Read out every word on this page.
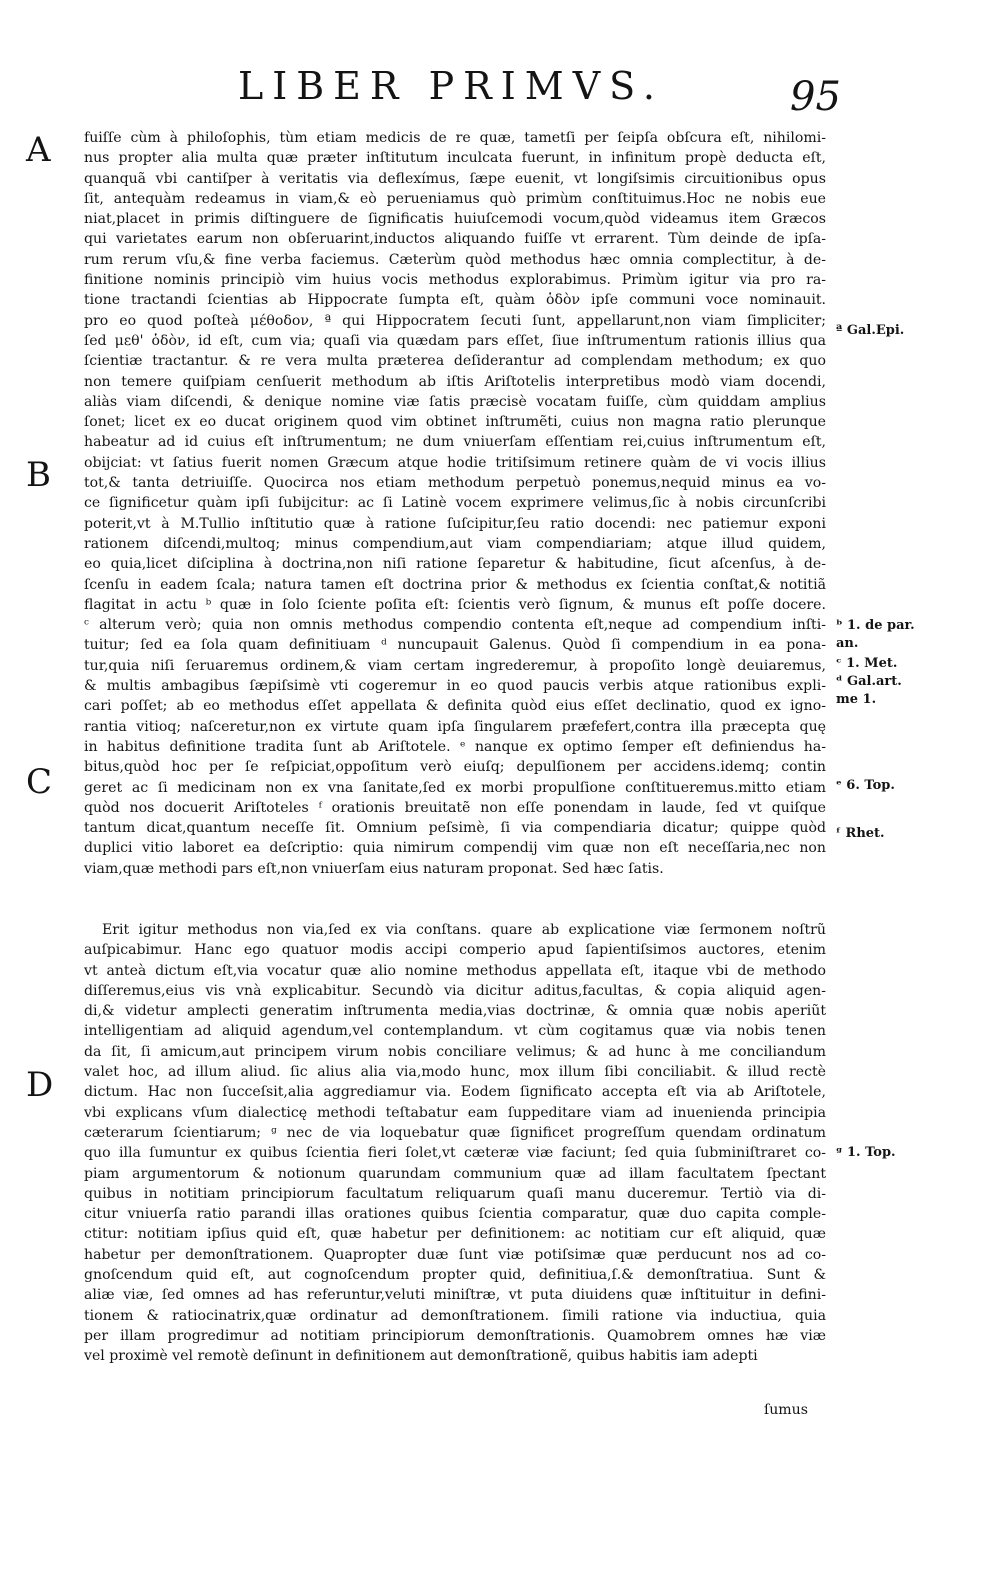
LIBER PRIMVS.	95
A
B
C
D
fuiſſe cùm à philoſophis, tùm etiam medicis de re quæ, tametſi per ſeipſa obſcura eſt, nihilomi-
nus propter alia multa quæ præter inſtitutum inculcata fuerunt, in infinitum propè deducta eſt,
quanquã vbi cantiſper à veritatis via deflexímus, ſæpe euenit, vt longiſsimis circuitionibus opus
ſit, antequàm redeamus in viam,& eò perueniamus quò primùm conſtituimus.Hoc ne nobis eue
niat,placet in primis diſtinguere de ſignificatis huiuſcemodi vocum,quòd videamus item Græcos
qui varietates earum non obſeruarint,inductos aliquando fuiſſe vt errarent. Tùm deinde de ipſa-
rum rerum vſu,& fine verba faciemus. Cæterùm quòd methodus hæc omnia complectitur, à de-
finitione nominis principiò vim huius vocis methodus explorabimus. Primùm igitur via pro ra-
tione tractandi ſcientias ab Hippocrate ſumpta eſt, quàm ὁδὸν ipſe communi voce nominauit.
pro eo quod poſteà μέθοδον, ª qui Hippocratem ſecuti ſunt, appellarunt,non viam ſimpliciter;
ſed μεθ' ὁδὸν, id eſt, cum via; quaſi via quædam pars eſſet, ſiue inſtrumentum rationis illius qua
ſcientiæ tractantur. & re vera multa præterea deſiderantur ad complendam methodum; ex quo
non temere quiſpiam cenſuerit methodum ab iſtis Ariſtotelis interpretibus modò viam docendi,
aliàs viam diſcendi, & denique nomine viæ ſatis præcisè vocatam fuiſſe, cùm quiddam amplius
ſonet; licet ex eo ducat originem quod vim obtinet inſtrumẽti, cuius non magna ratio plerunque
habeatur ad id cuius eſt inſtrumentum; ne dum vniuerſam eſſentiam rei,cuius inſtrumentum eſt,
obijciat: vt ſatius fuerit nomen Græcum atque hodie tritiſsimum retinere quàm de vi vocis illius
tot,& tanta detriuiſſe. Quocirca nos etiam methodum perpetuò ponemus,nequid minus ea vo-
ce ſignificetur quàm ipſi ſubijcitur: ac ſi Latinè vocem exprimere velimus,ſic à nobis circunſcribi
poterit,vt à M.Tullio inſtitutio quæ à ratione ſuſcipitur,ſeu ratio docendi: nec patiemur exponi
rationem diſcendi,multoq; minus compendium,aut viam compendiariam; atque illud quidem,
eo quia,licet diſciplina à doctrina,non niſi ratione ſeparetur & habitudine, ſicut aſcenſus, à de-
ſcenſu in eadem ſcala; natura tamen eſt doctrina prior & methodus ex ſcientia conſtat,& notitiã
flagitat in actu ᵇ quæ in ſolo ſciente poſita eſt: ſcientis verò ſignum, & munus eſt poſſe docere.
ᶜ alterum verò; quia non omnis methodus compendio contenta eſt,neque ad compendium inſti-
tuitur; ſed ea ſola quam definitiuam ᵈ nuncupauit Galenus. Quòd ſi compendium in ea pona-
tur,quia niſi ſeruaremus ordinem,& viam certam ingrederemur, à propoſito longè deuiaremus,
& multis ambagibus ſæpiſsimè vti cogeremur in eo quod paucis verbis atque rationibus expli-
cari poſſet; ab eo methodus eſſet appellata & definita quòd eius eſſet declinatio, quod ex igno-
rantia vitioq; naſceretur,non ex virtute quam ipſa ſingularem præfefert,contra illa præcepta quę
in habitus definitione tradita ſunt ab Ariſtotele. ᵉ nanque ex optimo ſemper eſt definiendus ha-
bitus,quòd hoc per ſe reſpiciat,oppoſitum verò eiuſq; depulſionem per accidens.idemq; contin
geret ac ſi medicinam non ex vna ſanitate,ſed ex morbi propulſione conſtitueremus.mitto etiam
quòd nos docuerit Ariſtoteles ᶠ orationis breuitatẽ non eſſe ponendam in laude, ſed vt quiſque
tantum dicat,quantum neceſſe ſit. Omnium peſsimè, ſi via compendiaria dicatur; quippe quòd
duplici vitio laboret ea deſcriptio: quia nimirum compendij vim quæ non eſt neceſſaria,nec non
viam,quæ methodi pars eſt,non vniuerſam eius naturam proponat. Sed hæc ſatis.
Erit igitur methodus non via,ſed ex via conſtans. quare ab explicatione viæ ſermonem noſtrũ
auſpicabimur. Hanc ego quatuor modis accipi comperio apud ſapientiſsimos auctores, etenim
vt anteà dictum eſt,via vocatur quæ alio nomine methodus appellata eſt, itaque vbi de methodo
diſſeremus,eius vis vnà explicabitur. Secundò via dicitur aditus,facultas, & copia aliquid agen-
di,& videtur amplecti generatim inſtrumenta media,vias doctrinæ, & omnia quæ nobis aperiũt
intelligentiam ad aliquid agendum,vel contemplandum. vt cùm cogitamus quæ via nobis tenen
da ſit, ſi amicum,aut principem virum nobis conciliare velimus; & ad hunc à me conciliandum
valet hoc, ad illum aliud. ſic alius alia via,modo hunc, mox illum ſibi conciliabit. & illud rectè
dictum. Hac non ſucceſsit,alia aggrediamur via. Eodem ſignificato accepta eſt via ab Ariſtotele,
vbi explicans vſum dialecticę methodi teſtabatur eam ſuppeditare viam ad inueniendа principia
cæterarum ſcientiarum; ᵍ nec de via loquebatur quæ ſignificet progreſſum quendam ordinatum
quo illa ſumuntur ex quibus ſcientia fieri ſolet,vt cæteræ viæ faciunt; ſed quia ſubminiſtraret co-
piam argumentorum & notionum quarundam communium quæ ad illam facultatem ſpectant
quibus in notitiam principiorum facultatum reliquarum quaſi manu duceremur. Tertiò via di-
citur vniuerſa ratio parandi illas orationes quibus ſcientia comparatur, quæ duo capita comple-
ctitur: notitiam ipſius quid eſt, quæ habetur per definitionem: ac notitiam cur eſt aliquid, quæ
habetur per demonſtrationem. Quapropter duæ ſunt viæ potiſsimæ quæ perducunt nos ad co-
gnoſcendum quid eſt, aut cognoſcendum propter quid, definitiua,ſ.& demonſtratiua. Sunt &
aliæ viæ, ſed omnes ad has referuntur,veluti miniſtræ, vt puta diuidens quæ inſtituitur in defini-
tionem & ratiocinatrix,quæ ordinatur ad demonſtrationem. ſimili ratione via inductiua, quia
per illam progredimur ad notitiam principiorum demonſtrationis. Quamobrem omnes hæ viæ
vel proximè vel remotè deſinunt in definitionem aut demonſtrationẽ, quibus habitis iam adepti
ſumus
ª Gal.Epi.
ᵇ 1. de par.
an.
ᶜ 1. Met.
ᵈ Gal.art.
me 1.
ᵉ 6. Top.
ᶠ Rhet.
ᵍ 1. Top.
